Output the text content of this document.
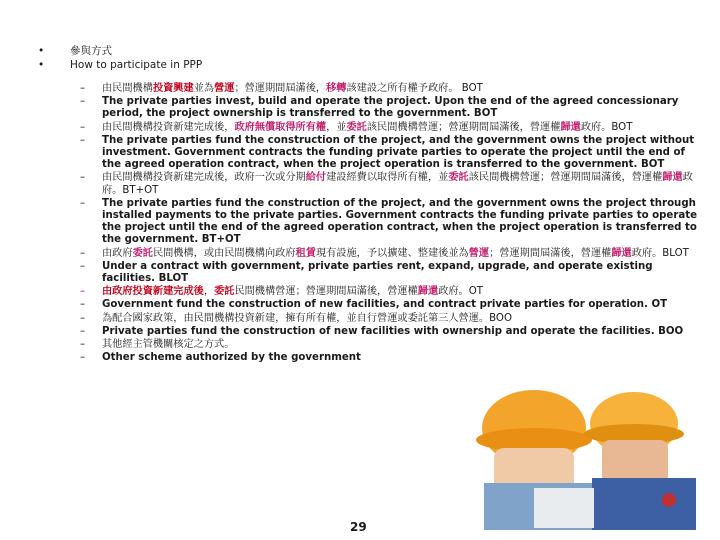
•	參與方式
•	How to participate in PPP
–	由民間機構投資興建並為營運；營運期間屆滿後，移轉該建設之所有權予政府。 BOT
–	The private parties invest, build and operate the project. Upon the end of the agreed concessionary period, the project ownership is transferred to the government. BOT
–	由民間機構投資新建完成後，政府無償取得所有權，並委託該民間機構營運；營運期間屆滿後，營運權歸還政府。BOT
–	The private parties fund the construction of the project, and the government owns the project without investment. Government contracts the funding private parties to operate the project until the end of the agreed operation contract, when the project operation is transferred to the government. BOT
–	由民間機構投資新建完成後，政府一次或分期給付建設經費以取得所有權，並委託該民間機構營運；營運期間屆滿後，營運權歸還政府。BT+OT
–	The private parties fund the construction of the project, and the government owns the project through installed payments to the private parties. Government contracts the funding private parties to operate the project until the end of the agreed operation contract, when the project operation is transferred to the government. BT+OT
–	由政府委託民間機構，或由民間機構向政府租賃現有設施，予以擴建、整建後並為營運；營運期間屆滿後，營運權歸還政府。BLOT
–	Under a contract with government, private parties rent, expand, upgrade, and operate existing facilities. BLOT
–	由政府投資新建完成後，委託民間機構營運；營運期間屆滿後，營運權歸還政府。OT
–	Government fund the construction of new facilities, and contract private parties for operation. OT
–	為配合國家政策，由民間機構投資新建，擁有所有權，並自行營運或委託第三人營運。BOO
–	Private parties fund the construction of new facilities with ownership and operate the facilities. BOO
–	其他經主管機關核定之方式。
–	Other scheme authorized by the government
29
